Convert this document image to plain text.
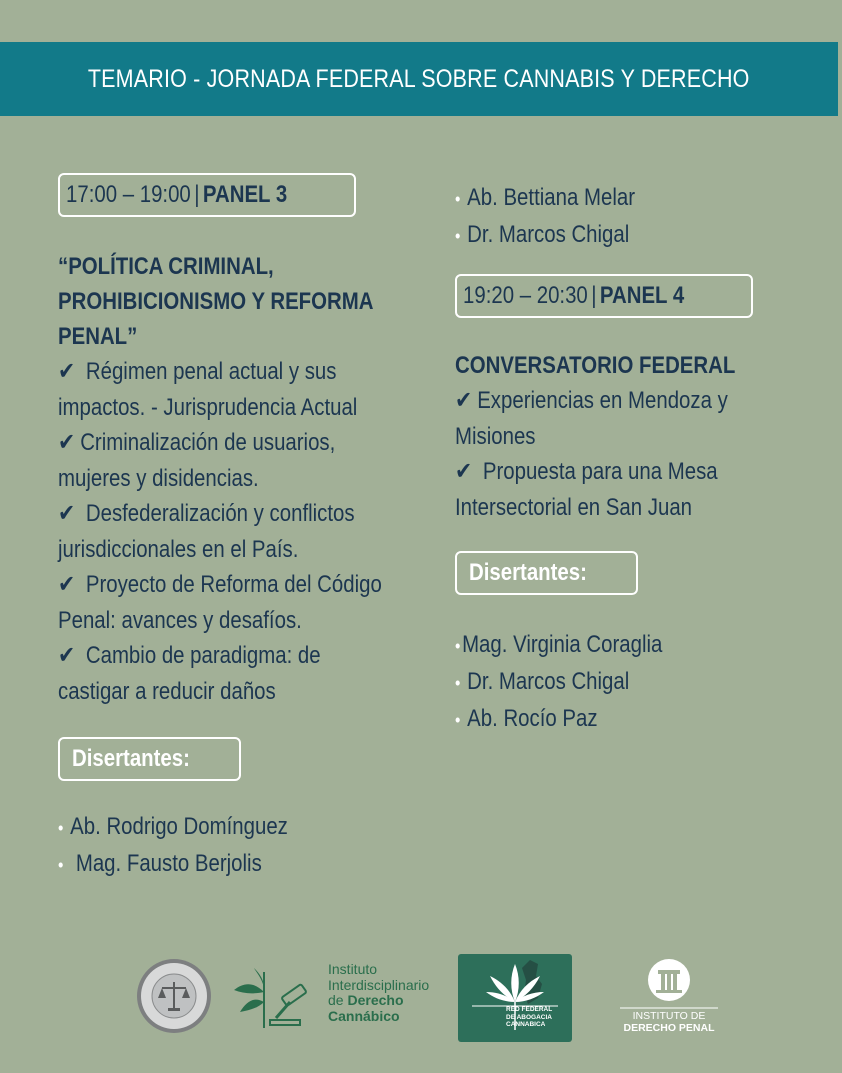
TEMARIO - JORNADA FEDERAL SOBRE CANNABIS Y DERECHO
17:00 – 19:00 | PANEL 3
“POLÍTICA CRIMINAL,
PROHIBICIONISMO Y REFORMA
PENAL”
✔ Régimen penal actual y sus
impactos. - Jurisprudencia Actual
✔ Criminalización de usuarios,
mujeres y disidencias.
✔ Desfederalización y conflictos
jurisdiccionales en el País.
✔ Proyecto de Reforma del Código
Penal: avances y desafíos.
✔ Cambio de paradigma: de
castigar a reducir daños
Disertantes:
• Ab. Rodrigo Domínguez
• Mag. Fausto Berjolis
• Ab. Bettiana Melar
• Dr. Marcos Chigal
19:20 – 20:30 | PANEL 4
CONVERSATORIO FEDERAL
✔ Experiencias en Mendoza y
Misiones
✔ Propuesta para una Mesa
Intersectorial en San Juan
Disertantes:
•Mag. Virginia Coraglia
• Dr. Marcos Chigal
• Ab. Rocío Paz
Instituto
Interdisciplinario
de Derecho
Cannábico	RED FEDERAL
DE ABOGACIA
CANNABICA
INSTITUTO DE
DERECHO PENAL
